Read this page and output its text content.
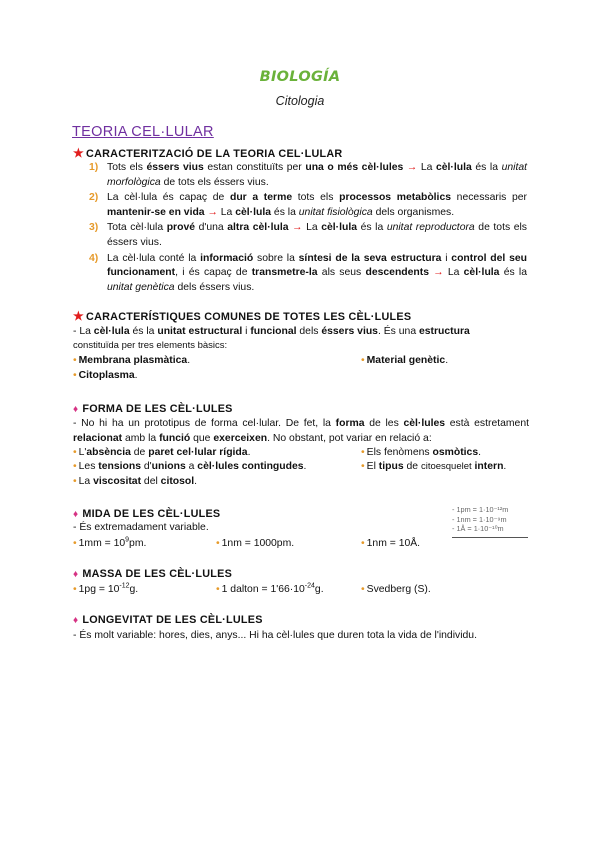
BIOLOGÍA
Citologia
TEORIA CEL·LULAR
★ CARACTERITZACIÓ DE LA TEORIA CEL·LULAR
1) Tots els éssers vius estan constituïts per una o més cèl·lules → La cèl·lula és la unitat morfològica de tots els éssers vius.
2) La cèl·lula és capaç de dur a terme tots els processos metabòlics necessaris per mantenir-se en vida → La cèl·lula és la unitat fisiològica dels organismes.
3) Tota cèl·lula prové d'una altra cèl·lula → La cèl·lula és la unitat reproductora de tots els éssers vius.
4) La cèl·lula conté la informació sobre la síntesi de la seva estructura i control del seu funcionament, i és capaç de transmetre-la als seus descendents → La cèl·lula és la unitat genètica dels éssers vius.
★ CARACTERÍSTIQUES COMUNES DE TOTES LES CÈL·LULES
- La cèl·lula és la unitat estructural i funcional dels éssers vius. És una estructura
constituïda per tres elements bàsics:
• Membrana plasmàtica.	• Material genètic.
• Citoplasma.
♦ FORMA DE LES CÈL·LULES
- No hi ha un prototipus de forma cel·lular. De fet, la forma de les cèl·lules està estretament relacionat amb la funció que exerceixen. No obstant, pot variar en relació a:
• L'absència de paret cel·lular rígida.	• Els fenòmens osmòtics.
• Les tensions d'unions a cèl·lules contingudes.	• El tipus de citoesquelet intern.
• La viscositat del citosol.
♦ MIDA DE LES CÈL·LULES	- 1pm = 1·10⁻¹²m
- 1nm = 1·10⁻⁹m
- 1Å = 1·10⁻¹⁰m
- És extremadament variable.
• $1mm = 10^9pm$.	• 1nm = 1000pm.	• 1nm = 10Å.
♦ MASSA DE LES CÈL·LULES
• $1pg = 10^{-12}g$.	• 1 dalton = $1'66\cdot 10^{-24}g$.	• Svedberg (S).
♦ LONGEVITAT DE LES CÈL·LULES
- És molt variable: hores, dies, anys... Hi ha cèl·lules que duren tota la vida de l'individu.
